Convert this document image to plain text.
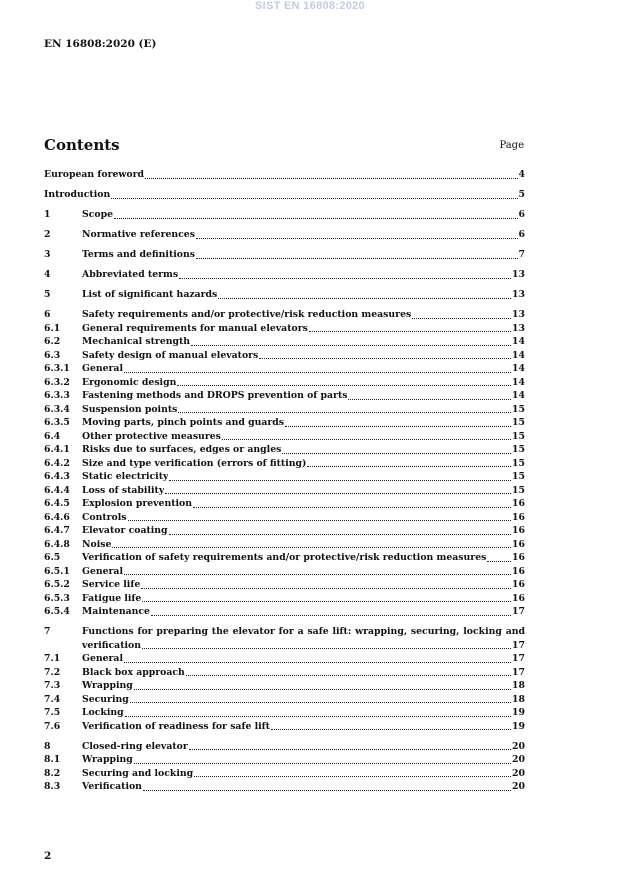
SIST EN 16808:2020
EN 16808:2020 (E)
Contents	Page
European foreword	4
Introduction	5
1	Scope	6
2	Normative references	6
3	Terms and definitions	7
4	Abbreviated terms	13
5	List of significant hazards	13
6	Safety requirements and/or protective/risk reduction measures	13
6.1	General requirements for manual elevators	13
6.2	Mechanical strength	14
6.3	Safety design of manual elevators	14
6.3.1	General	14
6.3.2	Ergonomic design	14
6.3.3	Fastening methods and DROPS prevention of parts	14
6.3.4	Suspension points	15
6.3.5	Moving parts, pinch points and guards	15
6.4	Other protective measures	15
6.4.1	Risks due to surfaces, edges or angles	15
6.4.2	Size and type verification (errors of fitting)	15
6.4.3	Static electricity	15
6.4.4	Loss of stability	15
6.4.5	Explosion prevention	16
6.4.6	Controls	16
6.4.7	Elevator coating	16
6.4.8	Noise	16
6.5	Verification of safety requirements and/or protective/risk reduction measures	16
6.5.1	General	16
6.5.2	Service life	16
6.5.3	Fatigue life	16
6.5.4	Maintenance	17
7	Functions for preparing the elevator for a safe lift: wrapping, securing, locking and
verification	17
7.1	General	17
7.2	Black box approach	17
7.3	Wrapping	18
7.4	Securing	18
7.5	Locking	19
7.6	Verification of readiness for safe lift	19
8	Closed-ring elevator	20
8.1	Wrapping	20
8.2	Securing and locking	20
8.3	Verification	20
2
